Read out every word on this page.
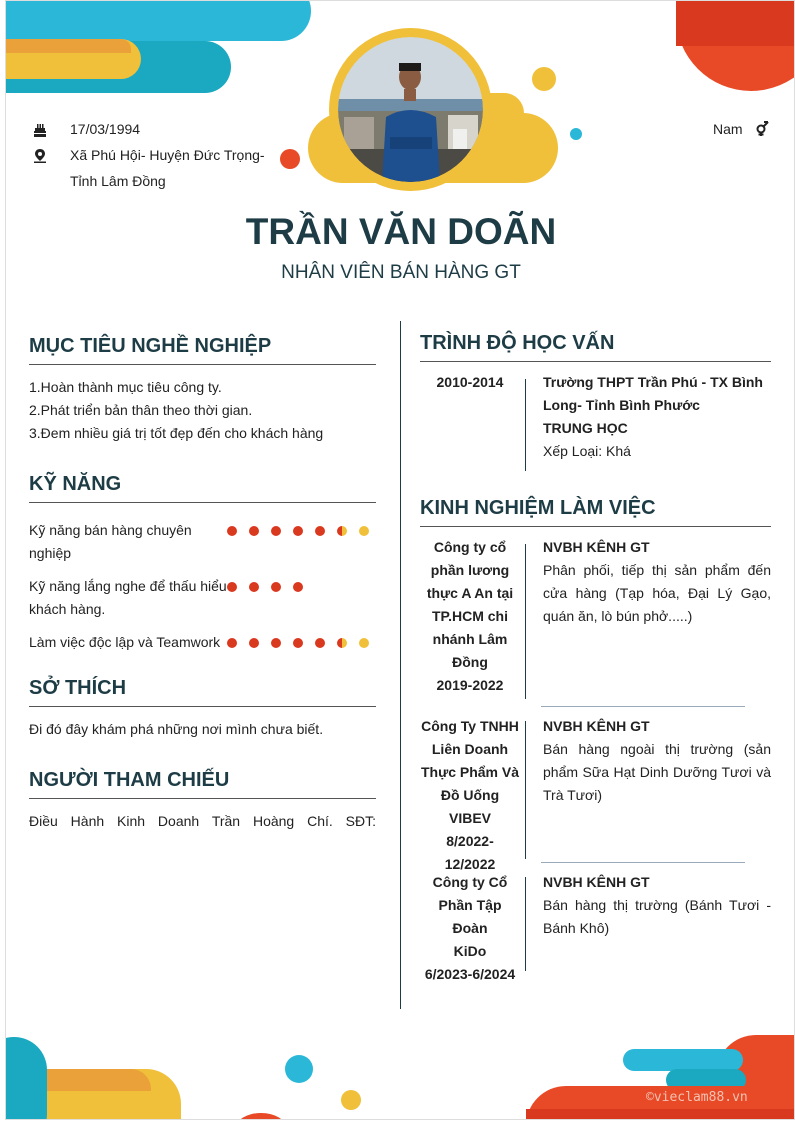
17/03/1994
Xã Phú Hội- Huyện Đức Trọng-
Tỉnh Lâm Đồng
Nam
TRẦN VĂN DOÃN
NHÂN VIÊN BÁN HÀNG GT
MỤC TIÊU NGHỀ NGHIỆP
1.Hoàn thành mục tiêu công ty.
2.Phát triển bản thân theo thời gian.
3.Đem nhiều giá trị tốt đẹp đến cho khách hàng
KỸ NĂNG
Kỹ năng bán hàng chuyên
nghiệp
Kỹ năng lắng nghe để thấu hiểu
khách hàng.
Làm việc độc lập và Teamwork
SỞ THÍCH
Đi đó đây khám phá những nơi mình chưa biết.
NGƯỜI THAM CHIẾU
Điều Hành Kinh Doanh Trần Hoàng Chí. SĐT:
TRÌNH ĐỘ HỌC VẤN
2010-2014	Trường THPT Trần Phú - TX Bình
Long- Tỉnh Bình Phước
TRUNG HỌC
Xếp Loại: Khá
KINH NGHIỆM LÀM VIỆC
Công ty cổ
phần lương
thực A An tại
TP.HCM chi
nhánh Lâm
Đồng
2019-2022
NVBH KÊNH GT
Phân phối, tiếp thị sản phẩm đến cửa hàng (Tạp hóa, Đại Lý Gạo, quán ăn, lò bún phở.....)
Công Ty TNHH
Liên Doanh
Thực Phẩm Và
Đồ Uống VIBEV
8/2022-
12/2022
NVBH KÊNH GT
Bán hàng ngoài thị trường (sản phẩm Sữa Hạt Dinh Dưỡng Tươi và Trà Tươi)
Công ty Cổ
Phần Tập Đoàn
KiDo
6/2023-6/2024
NVBH KÊNH GT
Bán hàng thị trường (Bánh Tươi - Bánh Khô)
©vieclam88.vn
